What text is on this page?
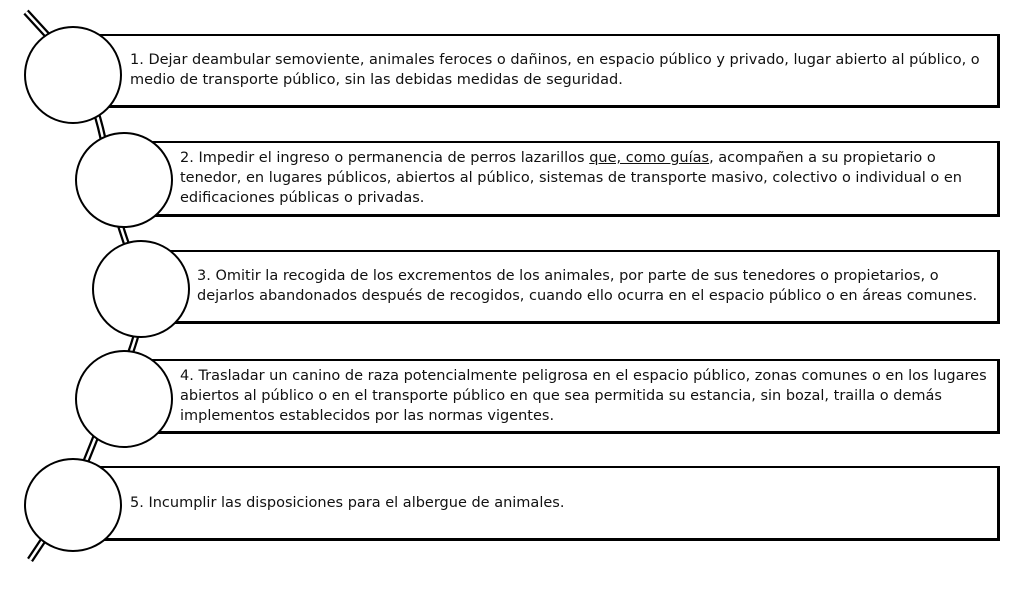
1. Dejar deambular semoviente, animales feroces o dañinos, en espacio público y privado, lugar abierto al público, o medio de transporte público, sin las debidas medidas de seguridad.
2. Impedir el ingreso o permanencia de perros lazarillos que, como guías, acompañen a su propietario o tenedor, en lugares públicos, abiertos al público, sistemas de transporte masivo, colectivo o individual o en edificaciones públicas o privadas.
3. Omitir la recogida de los excrementos de los animales, por parte de sus tenedores o propietarios, o dejarlos abandonados después de recogidos, cuando ello ocurra en el espacio público o en áreas comunes.
4. Trasladar un canino de raza potencialmente peligrosa en el espacio público, zonas comunes o en los lugares abiertos al público o en el transporte público en que sea permitida su estancia, sin bozal, trailla o demás implementos establecidos por las normas vigentes.
5. Incumplir las disposiciones para el albergue de animales.
